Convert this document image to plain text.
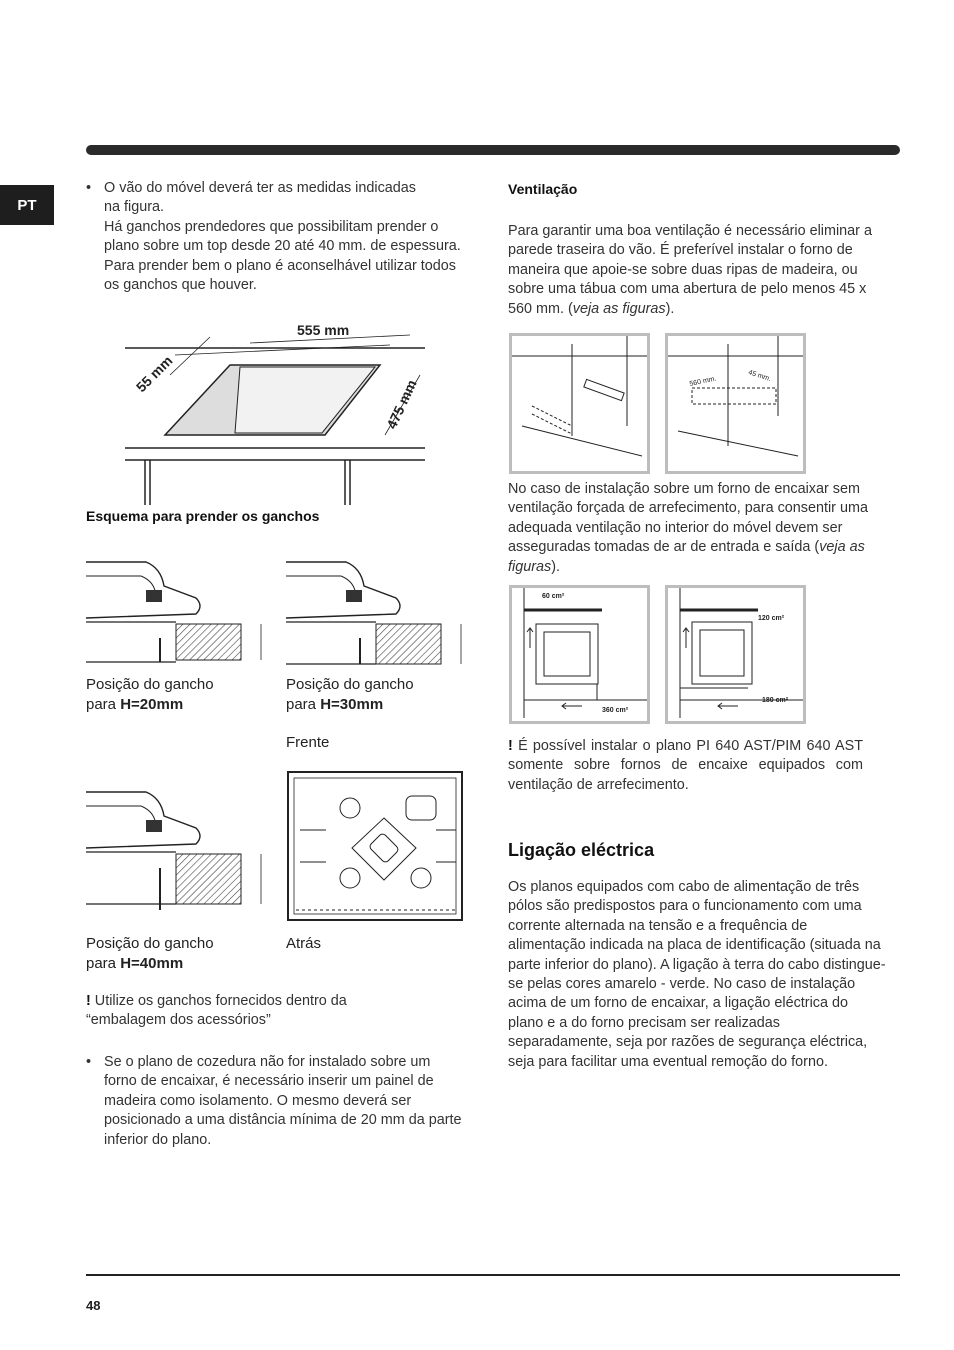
PT
• O vão do móvel deverá ter as medidas indicadas
na figura.
Há ganchos prendedores que possibilitam prender o plano sobre um top desde 20 até 40 mm. de espessura. Para prender bem o plano é aconselhável utilizar todos os ganchos que houver.
555 mm
55 mm
475 mm
Esquema para prender os ganchos
Posição do gancho
para H=20mm
Posição do gancho
para H=30mm
Frente
Posição do gancho
para H=40mm
Atrás
! Utilize os ganchos fornecidos dentro da “embalagem dos acessórios”
• Se o plano de cozedura não for instalado sobre um forno de encaixar, é necessário inserir um painel de madeira como isolamento. O mesmo deverá ser posicionado a uma distância mínima de 20 mm da parte inferior do plano.
Ventilação
Para garantir uma boa ventilação é necessário eliminar a parede traseira do vão. É preferível instalar o forno de maneira que apoie-se sobre duas ripas de madeira, ou sobre uma tábua com uma abertura de pelo menos 45 x 560 mm. (veja as figuras).
560 mm.	45 mm.
No caso de instalação sobre um forno de encaixar sem ventilação forçada de arrefecimento, para consentir uma adequada ventilação no interior do móvel devem ser asseguradas tomadas de ar de entrada e saída (veja as figuras).
60 cm²
360 cm²
120 cm²
180 cm²
! É possível instalar o plano PI 640 AST/PIM 640 AST somente sobre fornos de encaixe equipados com ventilação de arrefecimento.
Ligação eléctrica
Os planos equipados com cabo de alimentação de três pólos são predispostos para o funcionamento com uma corrente alternada na tensão e a frequência de alimentação indicada na placa de identificação (situada na parte inferior do plano). A ligação à terra do cabo distingue-se pelas cores amarelo - verde. No caso de instalação acima de um forno de encaixar, a ligação eléctrica do plano e a do forno precisam ser realizadas separadamente, seja por razões de segurança eléctrica, seja para facilitar uma eventual remoção do forno.
48
